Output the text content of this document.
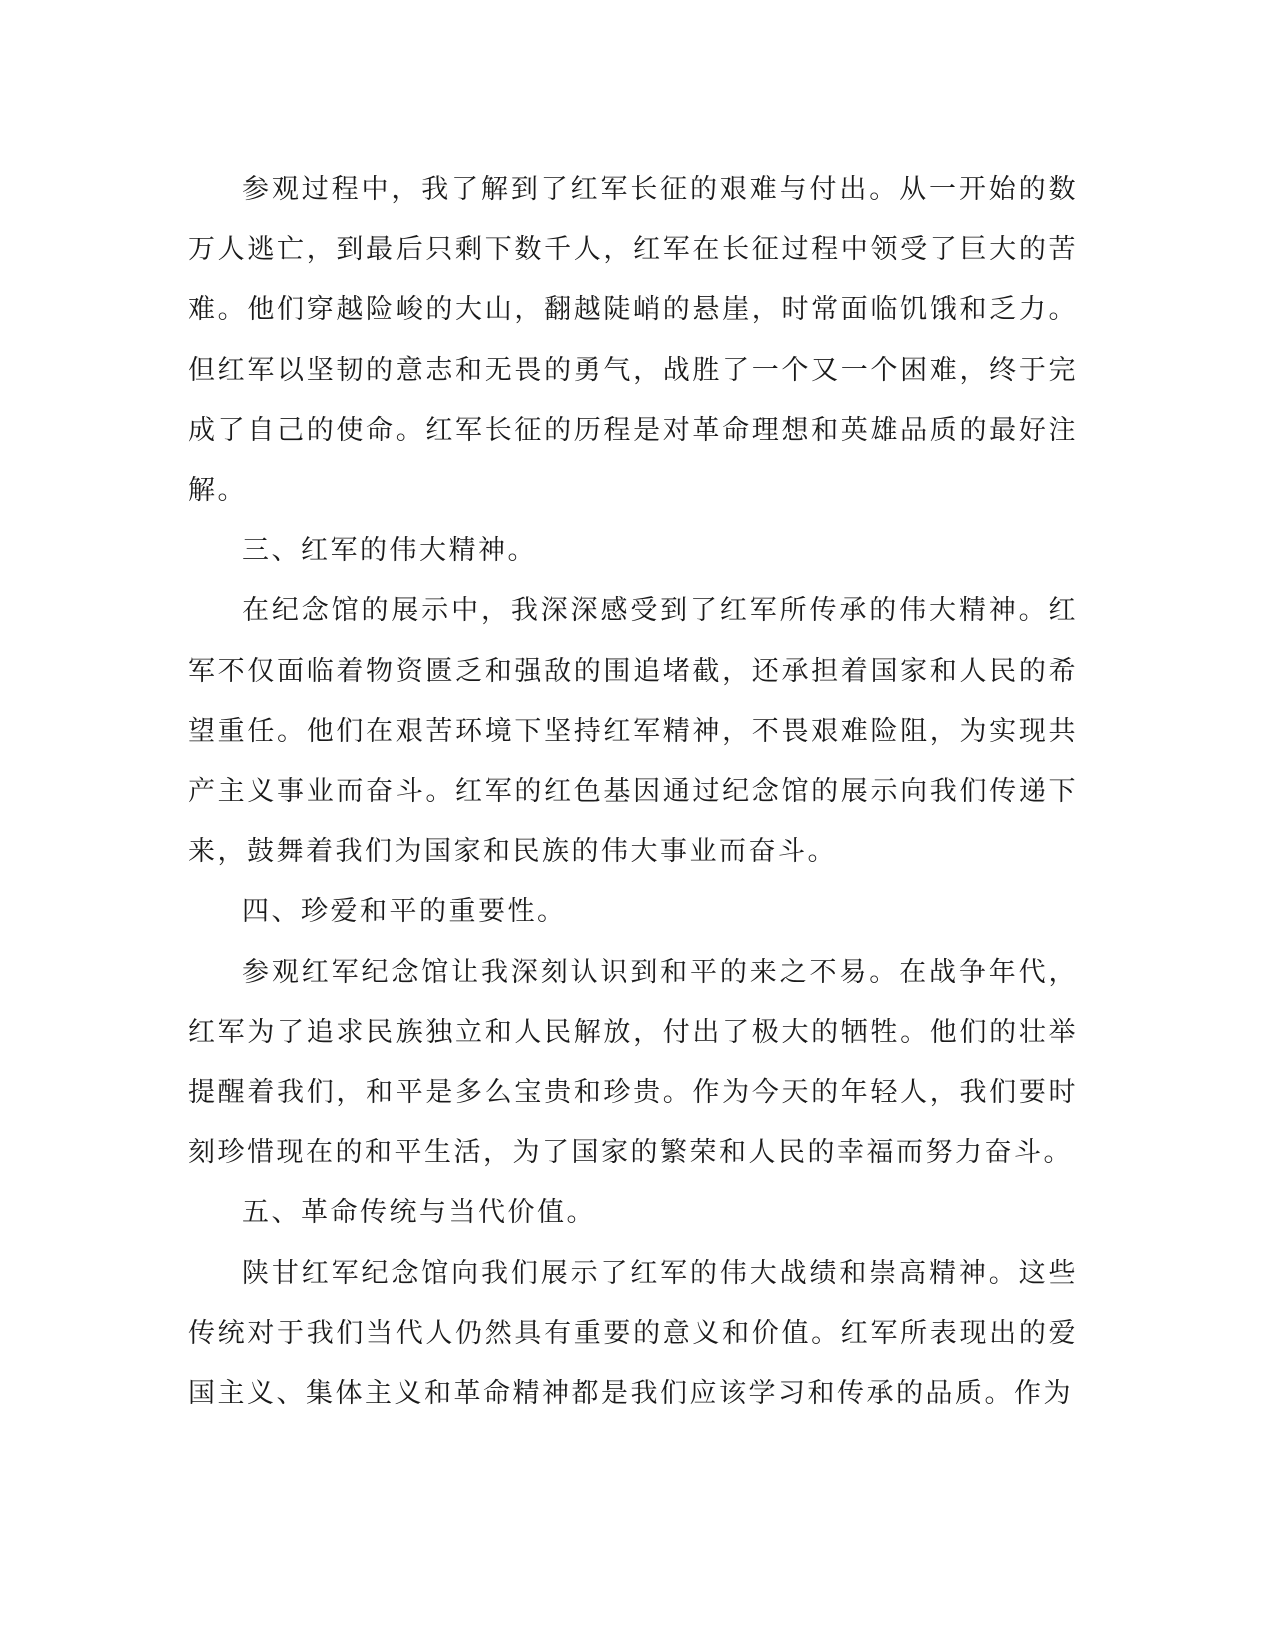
参观过程中，我了解到了红军长征的艰难与付出。从一开始的数万人逃亡，到最后只剩下数千人，红军在长征过程中领受了巨大的苦难。他们穿越险峻的大山，翻越陡峭的悬崖，时常面临饥饿和乏力。但红军以坚韧的意志和无畏的勇气，战胜了一个又一个困难，终于完成了自己的使命。红军长征的历程是对革命理想和英雄品质的最好注解。

三、红军的伟大精神。

在纪念馆的展示中，我深深感受到了红军所传承的伟大精神。红军不仅面临着物资匮乏和强敌的围追堵截，还承担着国家和人民的希望重任。他们在艰苦环境下坚持红军精神，不畏艰难险阻，为实现共产主义事业而奋斗。红军的红色基因通过纪念馆的展示向我们传递下来，鼓舞着我们为国家和民族的伟大事业而奋斗。

四、珍爱和平的重要性。

参观红军纪念馆让我深刻认识到和平的来之不易。在战争年代，红军为了追求民族独立和人民解放，付出了极大的牺牲。他们的壮举提醒着我们，和平是多么宝贵和珍贵。作为今天的年轻人，我们要时刻珍惜现在的和平生活，为了国家的繁荣和人民的幸福而努力奋斗。

五、革命传统与当代价值。

陕甘红军纪念馆向我们展示了红军的伟大战绩和崇高精神。这些传统对于我们当代人仍然具有重要的意义和价值。红军所表现出的爱国主义、集体主义和革命精神都是我们应该学习和传承的品质。作为
